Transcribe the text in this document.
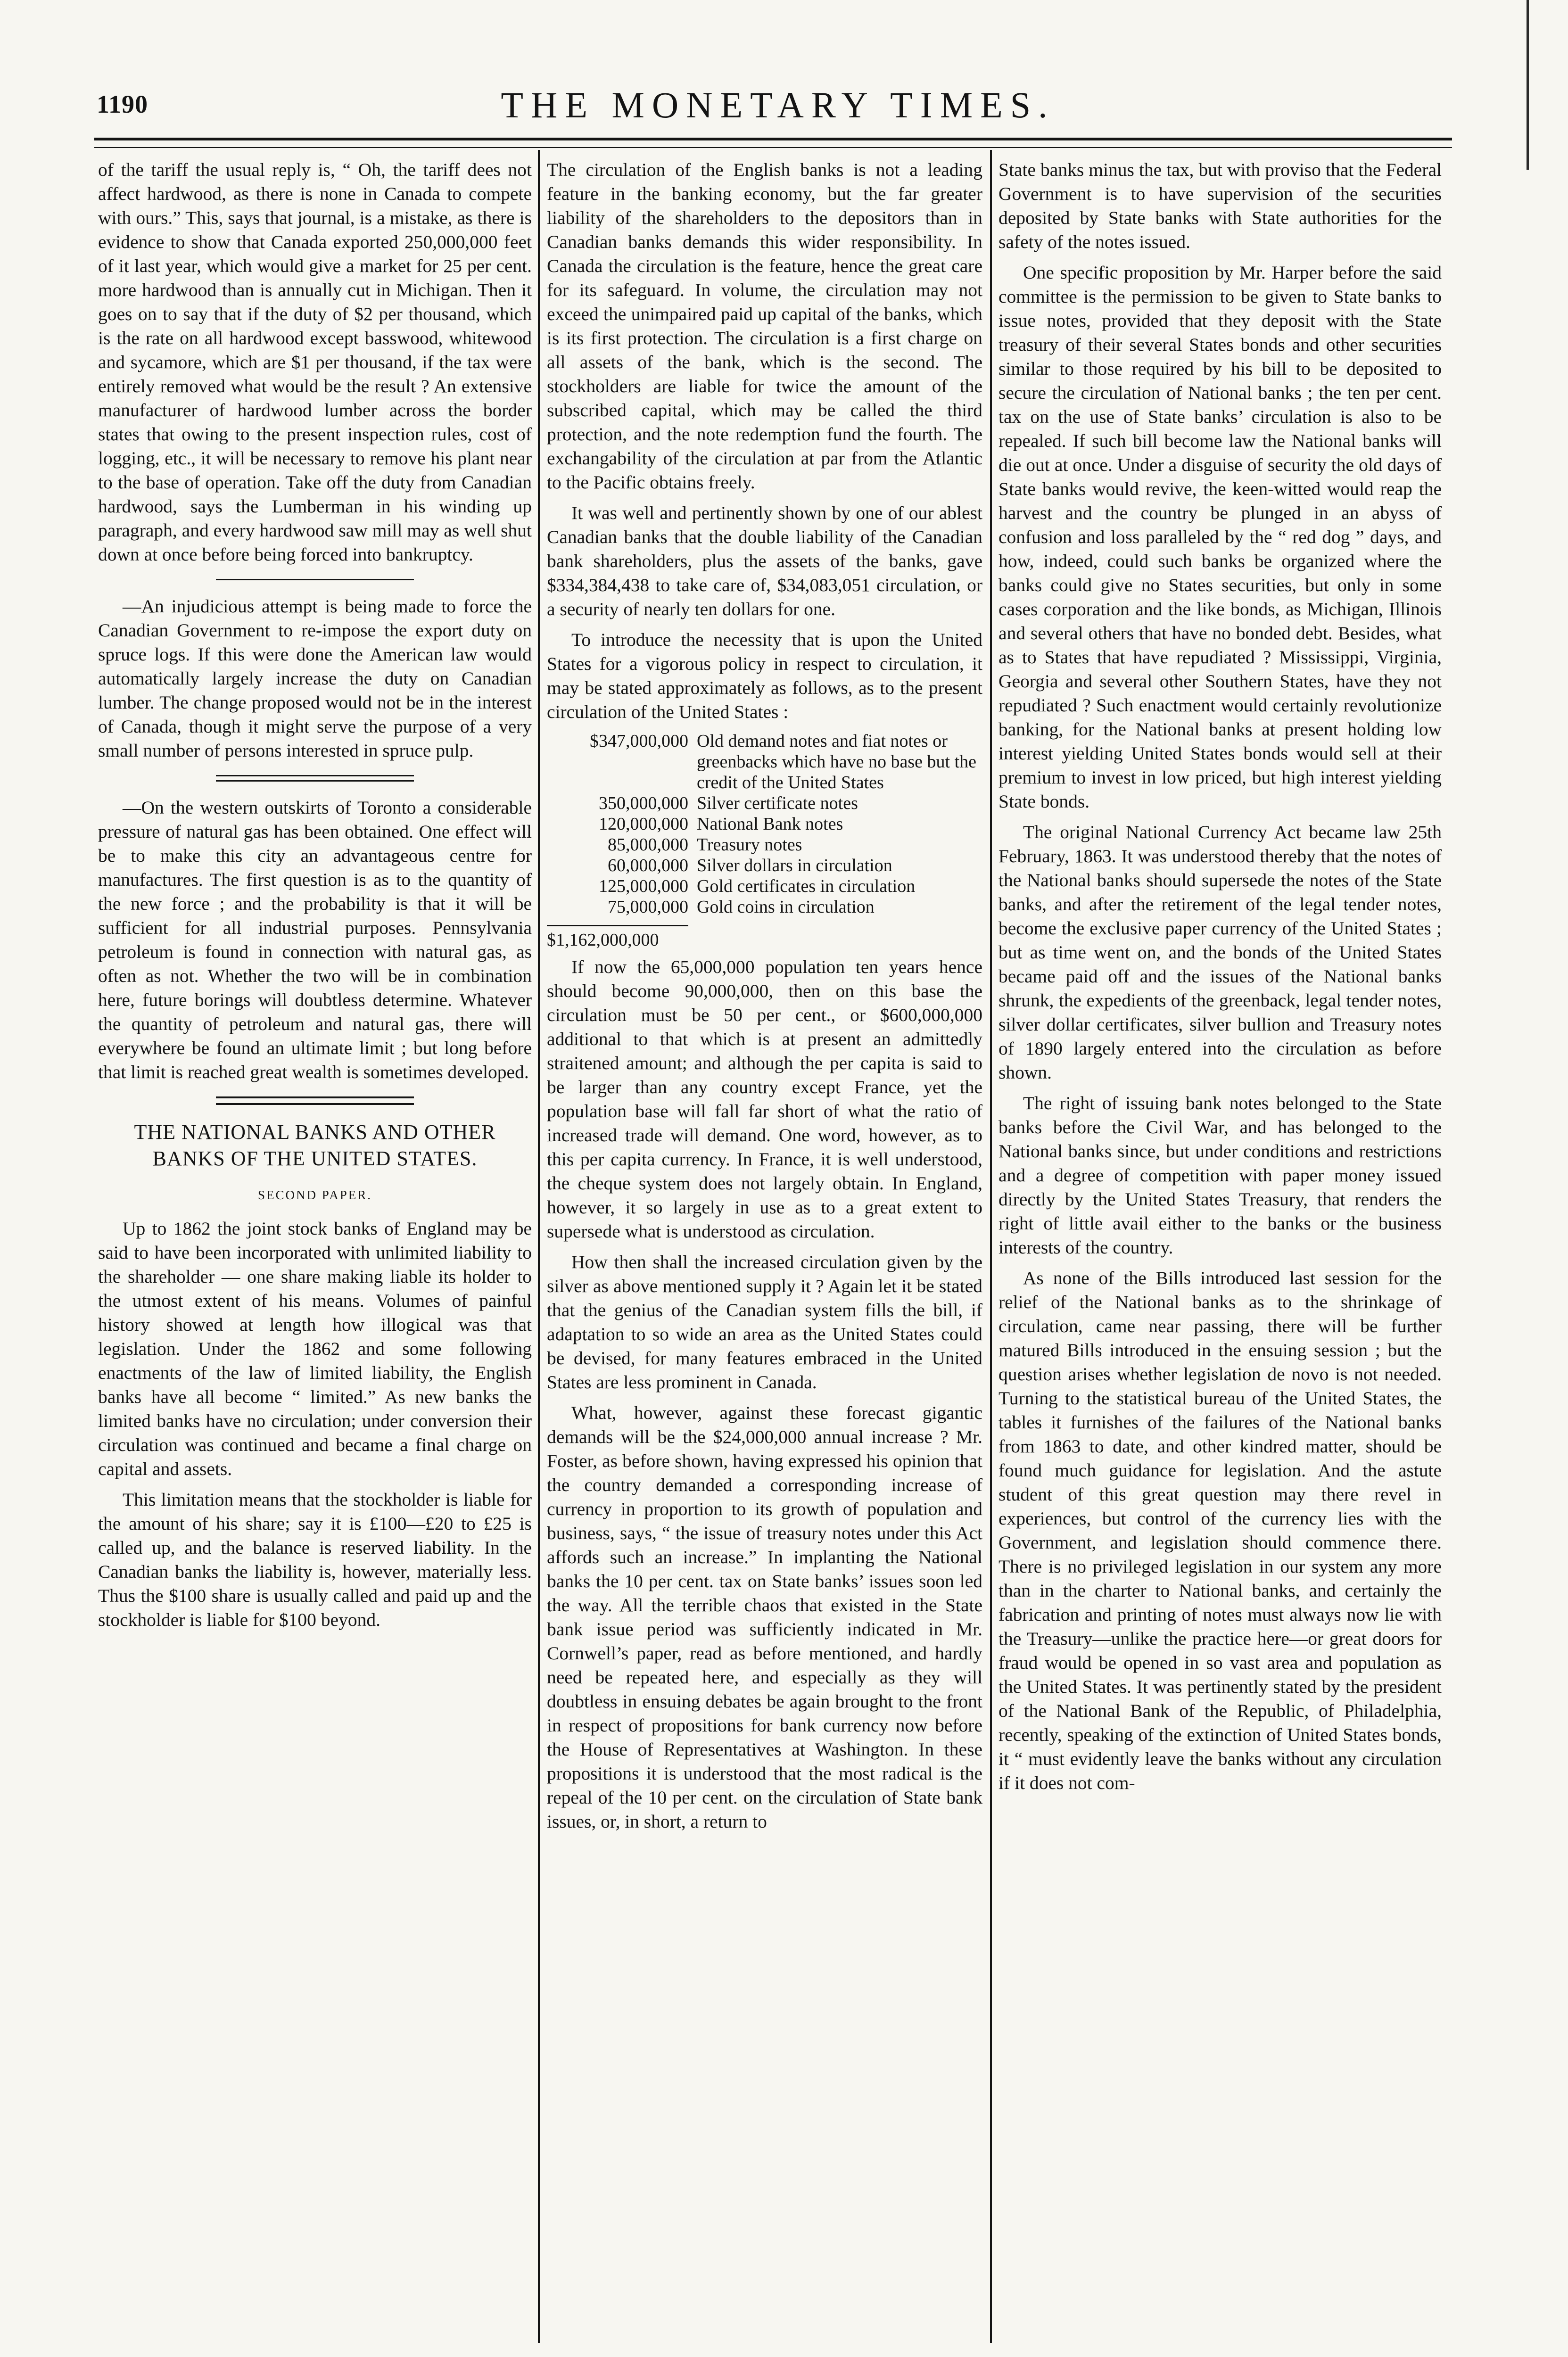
1190	THE MONETARY TIMES.

of the tariff the usual reply is, “ Oh, the tariff dees not affect hardwood, as there is none in Canada to compete with ours.” This, says that journal, is a mistake, as there is evidence to show that Canada exported 250,000,000 feet of it last year, which would give a market for 25 per cent. more hardwood than is annually cut in Michigan. Then it goes on to say that if the duty of $2 per thousand, which is the rate on all hardwood except basswood, whitewood and sycamore, which are $1 per thousand, if the tax were entirely removed what would be the result ? An extensive manufacturer of hardwood lumber across the border states that owing to the present inspection rules, cost of logging, etc., it will be necessary to remove his plant near to the base of operation. Take off the duty from Canadian hardwood, says the Lumberman in his winding up paragraph, and every hardwood saw mill may as well shut down at once before being forced into bankruptcy.

—An injudicious attempt is being made to force the Canadian Government to re-impose the export duty on spruce logs. If this were done the American law would automatically largely increase the duty on Canadian lumber. The change proposed would not be in the interest of Canada, though it might serve the purpose of a very small number of persons interested in spruce pulp.

—On the western outskirts of Toronto a considerable pressure of natural gas has been obtained. One effect will be to make this city an advantageous centre for manufactures. The first question is as to the quantity of the new force ; and the probability is that it will be sufficient for all industrial purposes. Pennsylvania petroleum is found in connection with natural gas, as often as not. Whether the two will be in combination here, future borings will doubtless determine. Whatever the quantity of petroleum and natural gas, there will everywhere be found an ultimate limit ; but long before that limit is reached great wealth is sometimes developed.

THE NATIONAL BANKS AND OTHER BANKS OF THE UNITED STATES.
SECOND PAPER.

Up to 1862 the joint stock banks of England may be said to have been incorporated with unlimited liability to the shareholder — one share making liable its holder to the utmost extent of his means. Volumes of painful history showed at length how illogical was that legislation. Under the 1862 and some following enactments of the law of limited liability, the English banks have all become “ limited.” As new banks the limited banks have no circulation; under conversion their circulation was continued and became a final charge on capital and assets.

This limitation means that the stockholder is liable for the amount of his share; say it is £100—£20 to £25 is called up, and the balance is reserved liability. In the Canadian banks the liability is, however, materially less. Thus the $100 share is usually called and paid up and the stockholder is liable for $100 beyond.

The circulation of the English banks is not a leading feature in the banking economy, but the far greater liability of the shareholders to the depositors than in Canadian banks demands this wider responsibility. In Canada the circulation is the feature, hence the great care for its safeguard. In volume, the circulation may not exceed the unimpaired paid up capital of the banks, which is its first protection. The circulation is a first charge on all assets of the bank, which is the second. The stockholders are liable for twice the amount of the subscribed capital, which may be called the third protection, and the note redemption fund the fourth. The exchangability of the circulation at par from the Atlantic to the Pacific obtains freely.

It was well and pertinently shown by one of our ablest Canadian banks that the double liability of the Canadian bank shareholders, plus the assets of the banks, gave $334,384,438 to take care of, $34,083,051 circulation, or a security of nearly ten dollars for one.

To introduce the necessity that is upon the United States for a vigorous policy in respect to circulation, it may be stated approximately as follows, as to the present circulation of the United States :

$347,000,000	Old demand notes and fiat notes or greenbacks which have no base but the credit of the United States
350,000,000	Silver certificate notes
120,000,000	National Bank notes
85,000,000	Treasury notes
60,000,000	Silver dollars in circulation
125,000,000	Gold certificates in circulation
75,000,000	Gold coins in circulation
$1,162,000,000

If now the 65,000,000 population ten years hence should become 90,000,000, then on this base the circulation must be 50 per cent., or $600,000,000 additional to that which is at present an admittedly straitened amount; and although the per capita is said to be larger than any country except France, yet the population base will fall far short of what the ratio of increased trade will demand. One word, however, as to this per capita currency. In France, it is well understood, the cheque system does not largely obtain. In England, however, it so largely in use as to a great extent to supersede what is understood as circulation.

How then shall the increased circulation given by the silver as above mentioned supply it ? Again let it be stated that the genius of the Canadian system fills the bill, if adaptation to so wide an area as the United States could be devised, for many features embraced in the United States are less prominent in Canada.

What, however, against these forecast gigantic demands will be the $24,000,000 annual increase ? Mr. Foster, as before shown, having expressed his opinion that the country demanded a corresponding increase of currency in proportion to its growth of population and business, says, “ the issue of treasury notes under this Act affords such an increase.” In implanting the National banks the 10 per cent. tax on State banks’ issues soon led the way. All the terrible chaos that existed in the State bank issue period was sufficiently indicated in Mr. Cornwell’s paper, read as before mentioned, and hardly need be repeated here, and especially as they will doubtless in ensuing debates be again brought to the front in respect of propositions for bank currency now before the House of Representatives at Washington. In these propositions it is understood that the most radical is the repeal of the 10 per cent. on the circulation of State bank issues, or, in short, a return to

State banks minus the tax, but with proviso that the Federal Government is to have supervision of the securities deposited by State banks with State authorities for the safety of the notes issued.

One specific proposition by Mr. Harper before the said committee is the permission to be given to State banks to issue notes, provided that they deposit with the State treasury of their several States bonds and other securities similar to those required by his bill to be deposited to secure the circulation of National banks ; the ten per cent. tax on the use of State banks’ circulation is also to be repealed. If such bill become law the National banks will die out at once. Under a disguise of security the old days of State banks would revive, the keen-witted would reap the harvest and the country be plunged in an abyss of confusion and loss paralleled by the “ red dog ” days, and how, indeed, could such banks be organized where the banks could give no States securities, but only in some cases corporation and the like bonds, as Michigan, Illinois and several others that have no bonded debt. Besides, what as to States that have repudiated ? Mississippi, Virginia, Georgia and several other Southern States, have they not repudiated ? Such enactment would certainly revolutionize banking, for the National banks at present holding low interest yielding United States bonds would sell at their premium to invest in low priced, but high interest yielding State bonds.

The original National Currency Act became law 25th February, 1863. It was understood thereby that the notes of the National banks should supersede the notes of the State banks, and after the retirement of the legal tender notes, become the exclusive paper currency of the United States ; but as time went on, and the bonds of the United States became paid off and the issues of the National banks shrunk, the expedients of the greenback, legal tender notes, silver dollar certificates, silver bullion and Treasury notes of 1890 largely entered into the circulation as before shown.

The right of issuing bank notes belonged to the State banks before the Civil War, and has belonged to the National banks since, but under conditions and restrictions and a degree of competition with paper money issued directly by the United States Treasury, that renders the right of little avail either to the banks or the business interests of the country.

As none of the Bills introduced last session for the relief of the National banks as to the shrinkage of circulation, came near passing, there will be further matured Bills introduced in the ensuing session ; but the question arises whether legislation de novo is not needed. Turning to the statistical bureau of the United States, the tables it furnishes of the failures of the National banks from 1863 to date, and other kindred matter, should be found much guidance for legislation. And the astute student of this great question may there revel in experiences, but control of the currency lies with the Government, and legislation should commence there. There is no privileged legislation in our system any more than in the charter to National banks, and certainly the fabrication and printing of notes must always now lie with the Treasury—unlike the practice here—or great doors for fraud would be opened in so vast area and population as the United States. It was pertinently stated by the president of the National Bank of the Republic, of Philadelphia, recently, speaking of the extinction of United States bonds, it “ must evidently leave the banks without any circulation if it does not com-
